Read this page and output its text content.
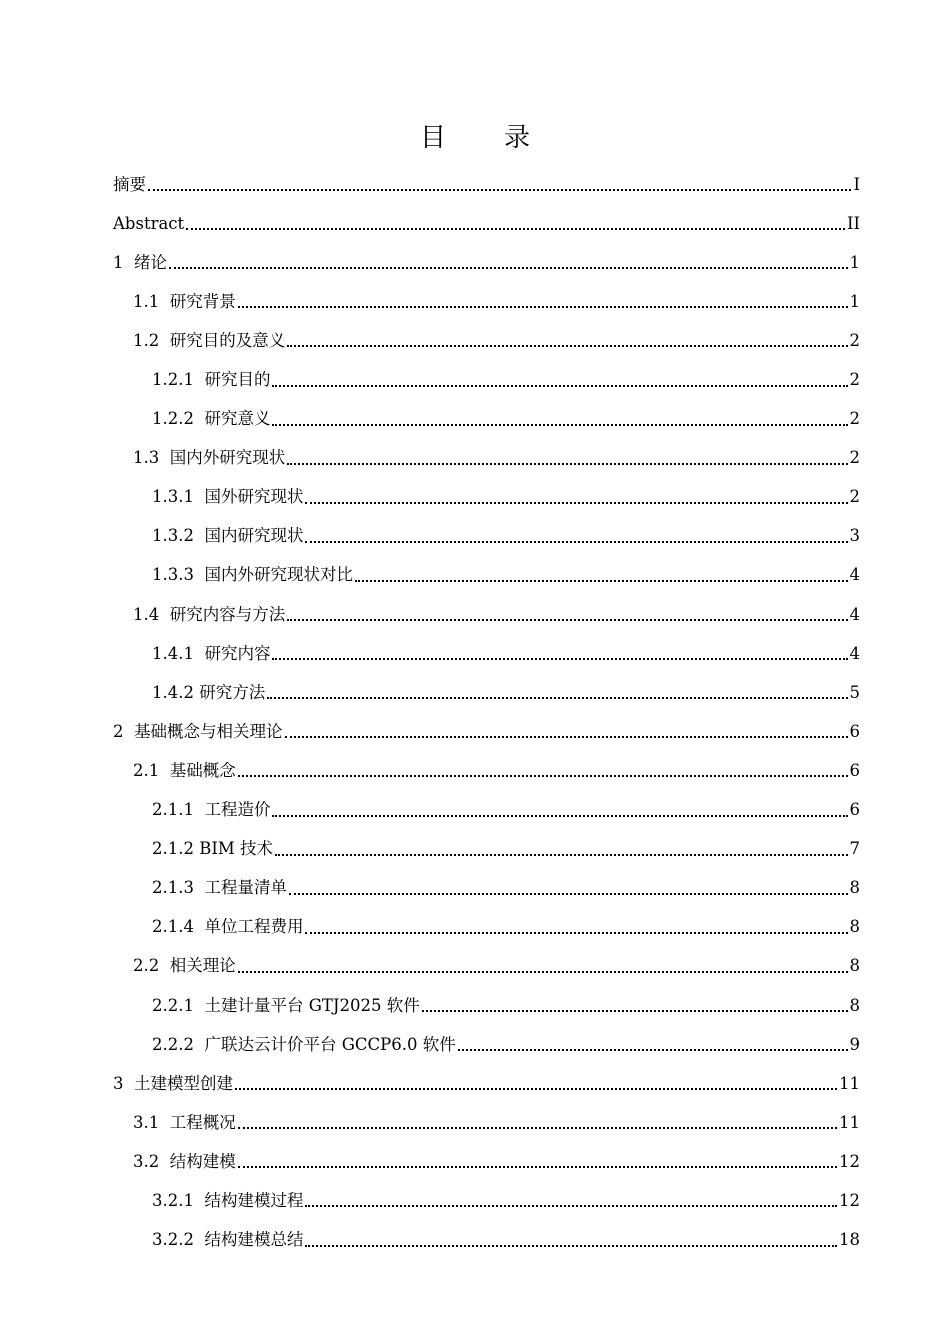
目　录
摘要	I
Abstract	II
1  绪论	1
1.1  研究背景	1
1.2  研究目的及意义	2
1.2.1  研究目的	2
1.2.2  研究意义	2
1.3  国内外研究现状	2
1.3.1  国外研究现状	2
1.3.2  国内研究现状	3
1.3.3  国内外研究现状对比	4
1.4  研究内容与方法	4
1.4.1  研究内容	4
1.4.2 研究方法	5
2  基础概念与相关理论	6
2.1  基础概念	6
2.1.1  工程造价	6
2.1.2 BIM 技术	7
2.1.3  工程量清单	8
2.1.4  单位工程费用	8
2.2  相关理论	8
2.2.1  土建计量平台 GTJ2025 软件	8
2.2.2  广联达云计价平台 GCCP6.0 软件	9
3  土建模型创建	11
3.1  工程概况	11
3.2  结构建模	12
3.2.1  结构建模过程	12
3.2.2  结构建模总结	18
